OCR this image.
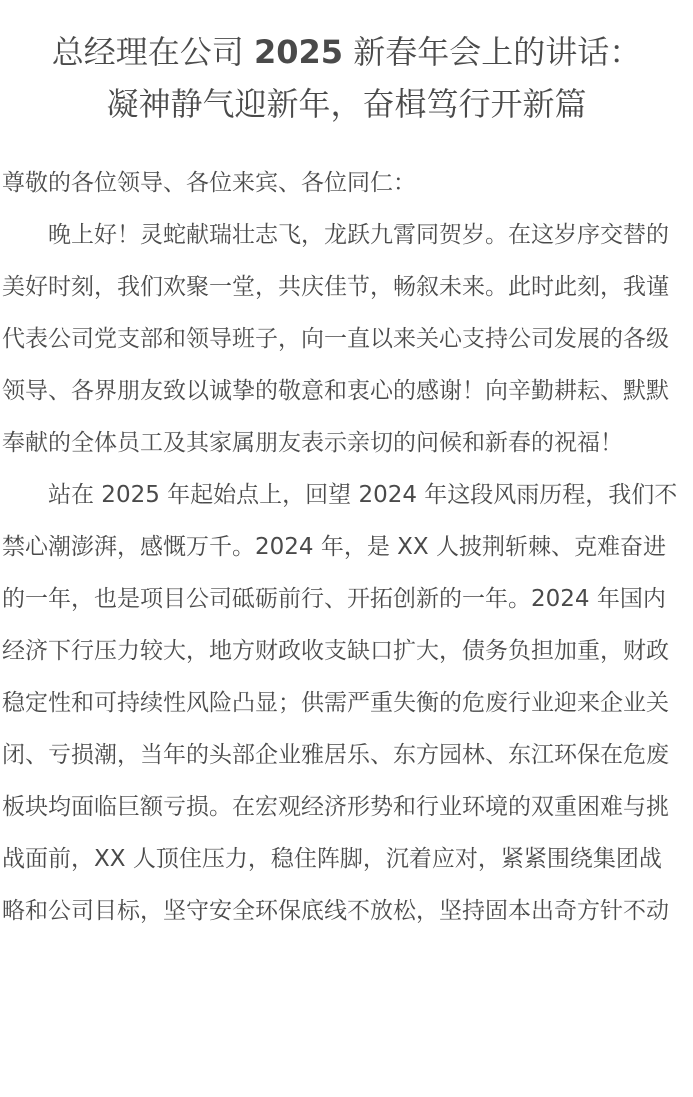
总经理在公司 2025 新春年会上的讲话：
凝神静气迎新年，奋楫笃行开新篇

尊敬的各位领导、各位来宾、各位同仁：

晚上好！灵蛇献瑞壮志飞，龙跃九霄同贺岁。在这岁序交替的美好时刻，我们欢聚一堂，共庆佳节，畅叙未来。此时此刻，我谨代表公司党支部和领导班子，向一直以来关心支持公司发展的各级领导、各界朋友致以诚挚的敬意和衷心的感谢！向辛勤耕耘、默默奉献的全体员工及其家属朋友表示亲切的问候和新春的祝福！

站在 2025 年起始点上，回望 2024 年这段风雨历程，我们不禁心潮澎湃，感慨万千。2024 年，是 XX 人披荆斩棘、克难奋进的一年，也是项目公司砥砺前行、开拓创新的一年。2024 年国内经济下行压力较大，地方财政收支缺口扩大，债务负担加重，财政稳定性和可持续性风险凸显；供需严重失衡的危废行业迎来企业关闭、亏损潮，当年的头部企业雅居乐、东方园林、东江环保在危废板块均面临巨额亏损。在宏观经济形势和行业环境的双重困难与挑战面前，XX 人顶住压力，稳住阵脚，沉着应对，紧紧围绕集团战略和公司目标，坚守安全环保底线不放松，坚持固本出奇方针不动
